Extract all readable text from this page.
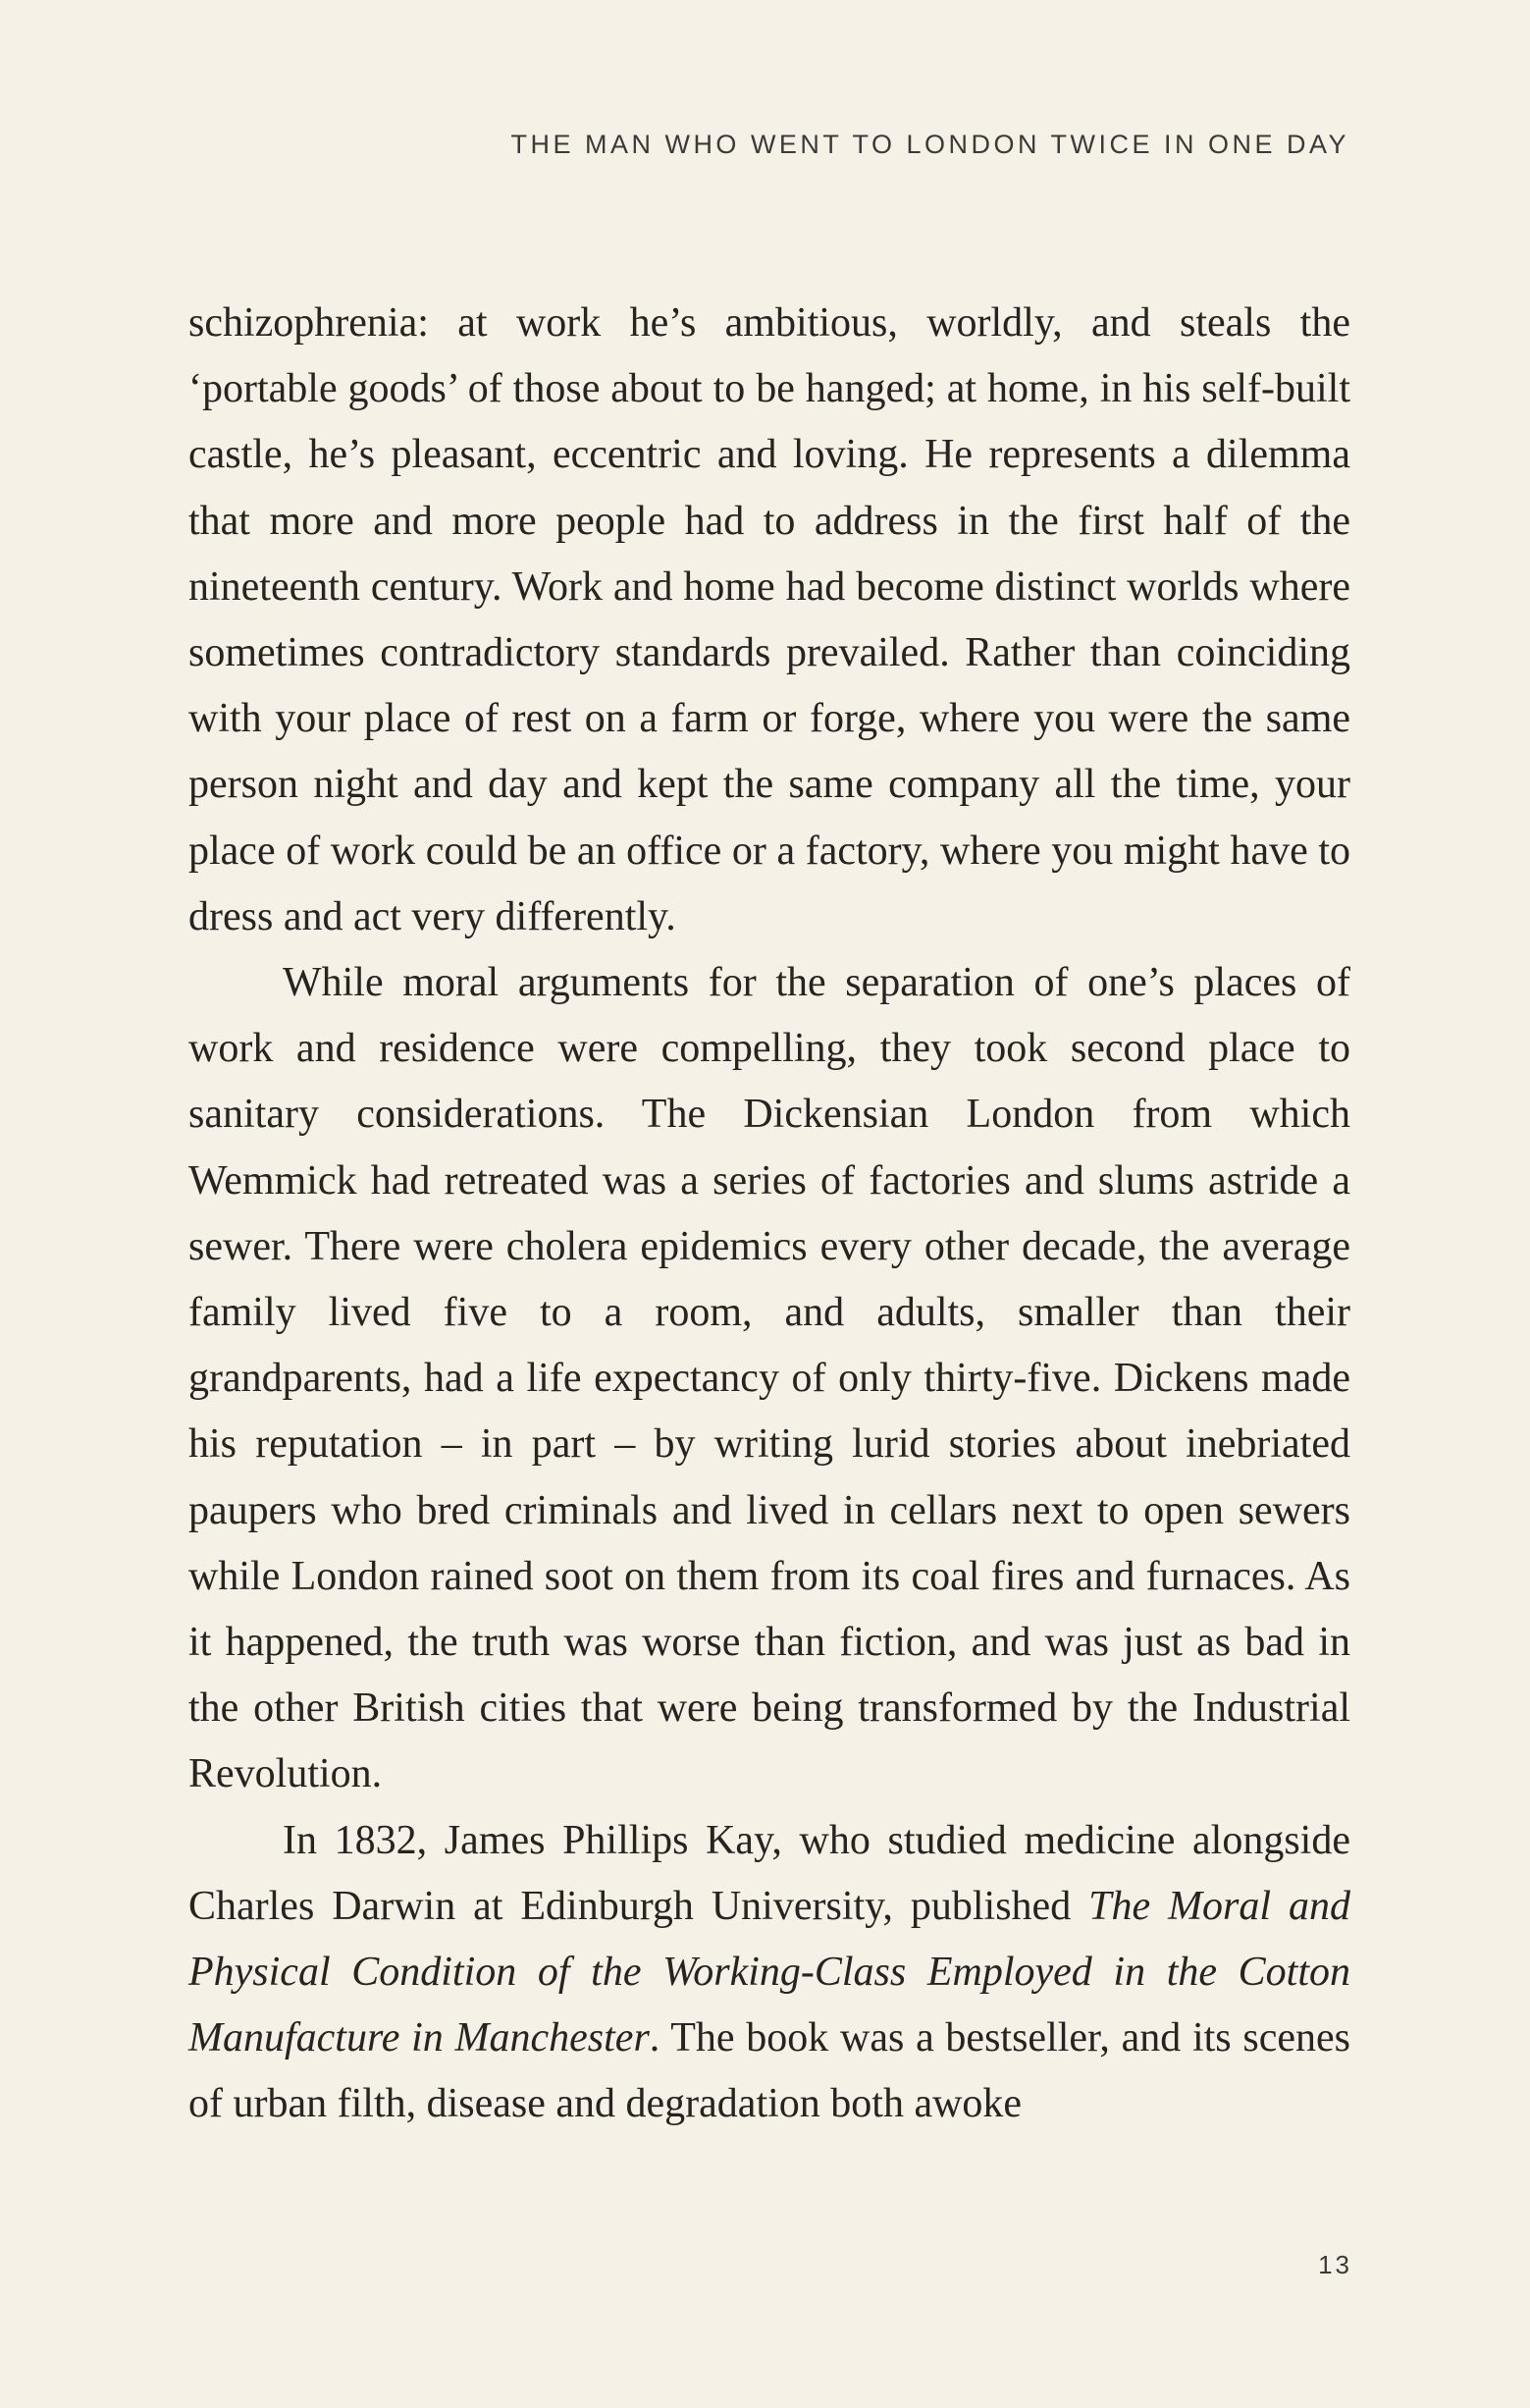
THE MAN WHO WENT TO LONDON TWICE IN ONE DAY

schizophrenia: at work he’s ambitious, worldly, and steals the ‘portable goods’ of those about to be hanged; at home, in his self-built castle, he’s pleasant, eccentric and loving. He represents a dilemma that more and more people had to address in the first half of the nineteenth century. Work and home had become distinct worlds where sometimes contradictory standards prevailed. Rather than coinciding with your place of rest on a farm or forge, where you were the same person night and day and kept the same company all the time, your place of work could be an office or a factory, where you might have to dress and act very differently.

While moral arguments for the separation of one’s places of work and residence were compelling, they took second place to sanitary considerations. The Dickensian London from which Wemmick had retreated was a series of factories and slums astride a sewer. There were cholera epidemics every other decade, the average family lived five to a room, and adults, smaller than their grandparents, had a life expectancy of only thirty-five. Dickens made his reputation – in part – by writing lurid stories about inebriated paupers who bred criminals and lived in cellars next to open sewers while London rained soot on them from its coal fires and furnaces. As it happened, the truth was worse than fiction, and was just as bad in the other British cities that were being transformed by the Industrial Revolution.

In 1832, James Phillips Kay, who studied medicine alongside Charles Darwin at Edinburgh University, published The Moral and Physical Condition of the Working-Class Employed in the Cotton Manufacture in Manchester. The book was a bestseller, and its scenes of urban filth, disease and degradation both awoke

13
